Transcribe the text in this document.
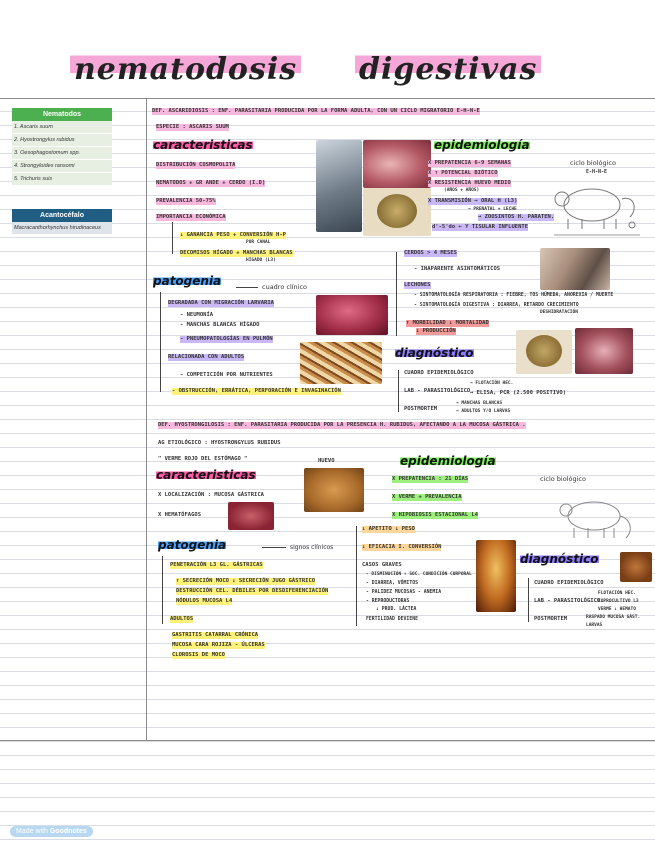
nematodosis digestivas
Nematodos
1. Ascaris suum
2. Hyostrongylus rubidus
3. Oesophagostomum spp.
4. Strongyloides ransomi
5. Trichuris suis
Acantocéfalo
Macracanthorhynchus hirudinaceus
DEF. ASCARIDIOSIS : ENF. PARASITARIA PRODUCIDA POR LA FORMA ADULTA, CON UN CICLO MIGRATORIO E-H-N-E
ESPECIE : ASCARIS SUUM
caracteristicas
DISTRIBUCIÓN COSMOPOLITA
NEMATODOS + GR ANDE + CERDO (I.D)
PREVALENCIA 50-75%
IMPORTANCIA ECONÓMICA
↓ GANANCIA PESO + CONVERSIÓN H-P
POR CANAL
DECOMISOS HÍGADO + MANCHAS BLANCAS
HIGADO (L3)
epidemiología
X PREPATENCIA 6-9 SEMANAS
X ↑ POTENCIAL BIÓTICO
X RESISTENCIA HUEVO MEDIO
(AÑOS + AÑOS)
X TRANSMISIÓN → ORAL H (L3)
→ PRENATAL + LECHE
→ ZOOSINTOS H. PARATEN.
d'-5'do ← Y TISULAR INFLUENTE
ciclo biológico
E-H-N-E
patogenia	cuadro clínico
DEGRADADA CON MIGRACIÓN LARVARIA
- NEUMONÍA
- MANCHAS BLANCAS HÍGADO
- PNEUMOPATOLOGÍAS EN PULMÓN
RELACIONADA CON ADULTOS
- COMPETICIÓN POR NUTRIENTES
- OBSTRUCCIÓN, ERRÁTICA, PERFORACIÓN E INVAGINACIÓN
CERDOS > 4 MESES
- INAPARENTE ASINTOMÁTICOS
LECHONES
- SINTOMATOLOGÍA RESPIRATORIA : FIEBRE, TOS HÚMEDA, ANOREXIA / MUERTE
- SINTOMATOLOGÍA DIGESTIVA : DIARREA, RETARDO CRECIMIENTO
DESHIDRATACIÓN
↑ MORBILIDAD ↓ MORTALIDAD
↓ PRODUCCIÓN
diagnóstico
CUADRO EPIDEMIOLÓGICO
LAB - PARASITOLÓGICO
→ FLOTACIÓN HEC.
→ ELISA, PCR (2.500 POSITIVO)
POSTMORTEM
→ MANCHAS BLANCAS
→ ADULTOS Y/O LARVAS
DEF. HYOSTRONGILOSIS : ENF. PARASITARIA PRODUCIDA POR LA PRESENCIA H. RUBIDUS, AFECTANDO A LA MUCOSA GÁSTRICA .
AG ETIOLÓGICO : HYOSTRONGYLUS RUBIDUS
" VERME ROJO DEL ESTÓMAGO "	HUEVO
caracteristicas
X LOCALIZACIÓN : MUCOSA GÁSTRICA
X HEMATÓFAGOS
epidemiología
X PREPATENCIA : 21 DÍAS
X VERME + PREVALENCIA
X HIPOBIOSIS ESTACIONAL L4
ciclo biológico
patogenia	signos clínicos
PENETRACIÓN L3 GL. GÁSTRICAS
↑ SECRECIÓN MOCO ↓ SECRECIÓN JUGO GÁSTRICO
DESTRUCCIÓN CEL. DÉBILES POR DESDIFERENCIACIÓN
NÓDULOS MUCOSA L4
ADULTOS
GASTRITIS CATARRAL CRÓNICA
MUCOSA CARA ROJIZA - ÚLCERAS
CLOROSIS DE MOCO
↓ APETITO ↓ PESO
↓ EFICACIA I. CONVERSIÓN
CASOS GRAVES
- DISMINUCIÓN ↑ SOC. CONDICIÓN CORPORAL
- DIARREA, VÓMITOS
- PALIDEZ MUCOSAS - ANEMIA
- REPRODUCTORAS
↓ PROD. LÁCTEA
FERTILIDAD DEVIENE
diagnóstico
CUADRO EPIDEMIOLÓGICO
LAB - PARASITOLÓGICO
FLOTACIÓN HEC.
COPROCULTIVO L3
VERME ↓ HEMATO
POSTMORTEM	RASPADO MUCOSA GÁST.
LARVAS
Made with Goodnotes
